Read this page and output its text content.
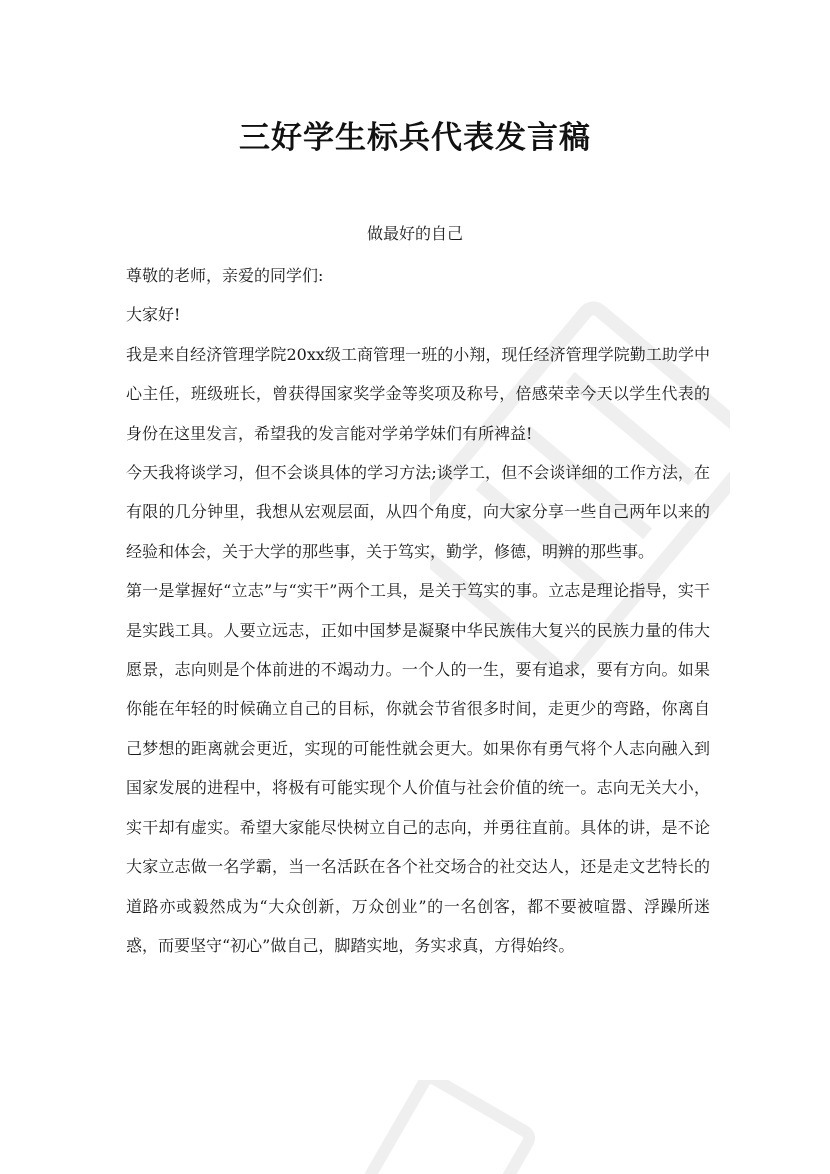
三好学生标兵代表发言稿

做最好的自己

尊敬的老师，亲爱的同学们:

大家好!

我是来自经济管理学院20xx级工商管理一班的小翔，现任经济管理学院勤工助学中心主任，班级班长，曾获得国家奖学金等奖项及称号，倍感荣幸今天以学生代表的身份在这里发言，希望我的发言能对学弟学妹们有所裨益!

今天我将谈学习，但不会谈具体的学习方法;谈学工，但不会谈详细的工作方法，在有限的几分钟里，我想从宏观层面，从四个角度，向大家分享一些自己两年以来的经验和体会，关于大学的那些事，关于笃实，勤学，修德，明辨的那些事。

第一是掌握好“立志”与“实干”两个工具，是关于笃实的事。立志是理论指导，实干是实践工具。人要立远志，正如中国梦是凝聚中华民族伟大复兴的民族力量的伟大愿景，志向则是个体前进的不竭动力。一个人的一生，要有追求，要有方向。如果你能在年轻的时候确立自己的目标，你就会节省很多时间，走更少的弯路，你离自己梦想的距离就会更近，实现的可能性就会更大。如果你有勇气将个人志向融入到国家发展的进程中，将极有可能实现个人价值与社会价值的统一。志向无关大小，实干却有虚实。希望大家能尽快树立自己的志向，并勇往直前。具体的讲，是不论大家立志做一名学霸，当一名活跃在各个社交场合的社交达人，还是走文艺特长的道路亦或毅然成为“大众创新，万众创业”的一名创客，都不要被喧嚣、浮躁所迷惑，而要坚守“初心”做自己，脚踏实地，务实求真，方得始终。
